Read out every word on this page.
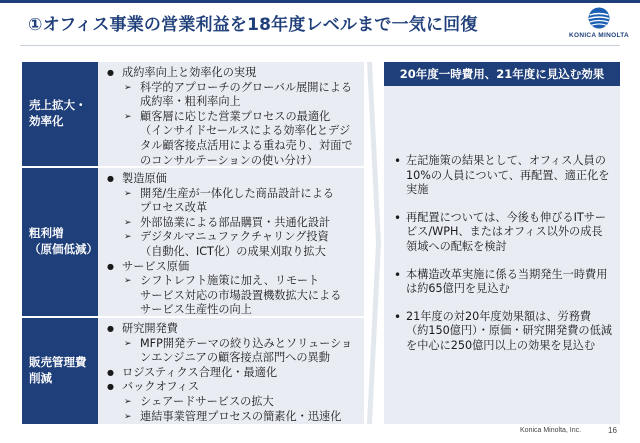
①オフィス事業の営業利益を18年度レベルまで一気に回復
KONICA MINOLTA
売上拡大・
効率化
● 成約率向上と効率化の実現
➢ 科学的アプローチのグローバル展開による
成約率・粗利率向上
➢ 顧客層に応じた営業プロセスの最適化
（インサイドセールスによる効率化とデジ
タル顧客接点活用による重ね売り、対面で
のコンサルテーションの使い分け）
粗利増
（原価低減）
● 製造原価
➢ 開発/生産が一体化した商品設計による
プロセス改革
➢ 外部協業による部品購買・共通化設計
➢ デジタルマニュファクチャリング投資
（自動化、ICT化）の成果刈取り拡大
● サービス原価
➢ シフトレフト施策に加え、リモート
サービス対応の市場設置機数拡大による
サービス生産性の向上
販売管理費
削減
● 研究開発費
➢ MFP開発テーマの絞り込みとソリューショ
ンエンジニアの顧客接点部門への異動
● ロジスティクス合理化・最適化
● バックオフィス
➢ シェアードサービスの拡大
➢ 連結事業管理プロセスの簡素化・迅速化
20年度一時費用、21年度に見込む効果
• 左記施策の結果として、オフィス人員の
10%の人員について、再配置、適正化を
実施
• 再配置については、今後も伸びるITサー
ビス/WPH、またはオフィス以外の成長
領域への配転を検討
• 本構造改革実施に係る当期発生一時費用
は約65億円を見込む
• 21年度の対20年度効果額は、労務費
（約150億円）・原価・研究開発費の低減
を中心に250億円以上の効果を見込む
Konica Minolta, Inc.	16
